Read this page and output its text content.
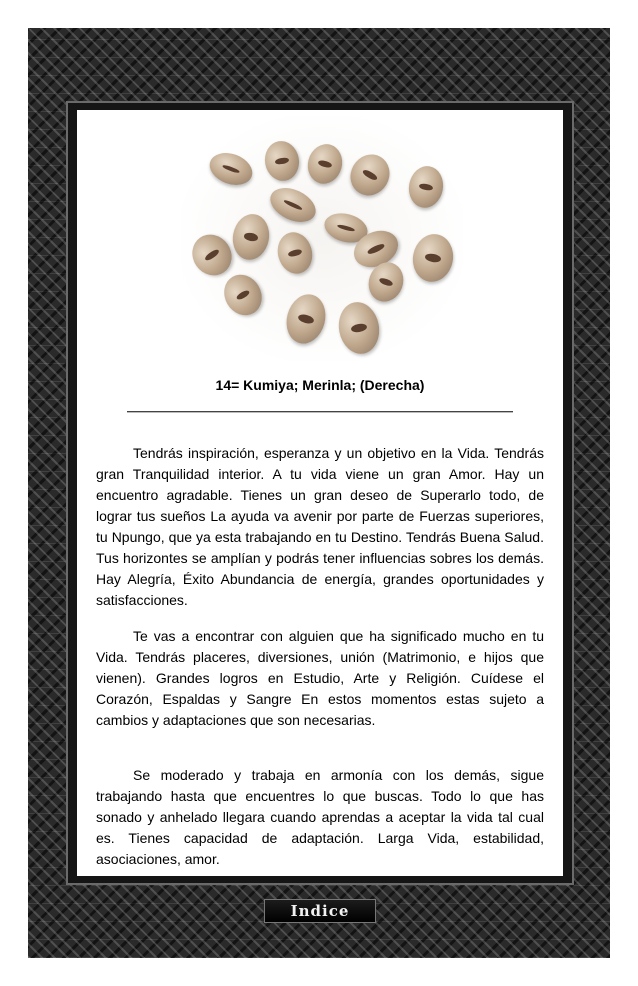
14= Kumiya; Merinla; (Derecha)

Tendrás inspiración, esperanza y un objetivo en la Vida. Tendrás gran Tranquilidad interior. A tu vida viene un gran Amor. Hay un encuentro agradable. Tienes un gran deseo de Superarlo todo, de lograr tus sueños La ayuda va avenir por parte de Fuerzas superiores, tu Npungo, que ya esta trabajando en tu Destino. Tendrás Buena Salud. Tus horizontes se amplían y podrás tener influencias sobres los demás. Hay Alegría, Éxito Abundancia de energía, grandes oportunidades y satisfacciones.

Te vas a encontrar con alguien que ha significado mucho en tu Vida. Tendrás placeres, diversiones, unión (Matrimonio, e hijos que vienen). Grandes logros en Estudio, Arte y Religión. Cuídese el Corazón, Espaldas y Sangre En estos momentos estas sujeto a cambios y adaptaciones que son necesarias.

Se moderado y trabaja en armonía con los demás, sigue trabajando hasta que encuentres lo que buscas. Todo lo que has sonado y anhelado llegara cuando aprendas a aceptar la vida tal cual es. Tienes capacidad de adaptación. Larga Vida, estabilidad, asociaciones, amor.

Indice
